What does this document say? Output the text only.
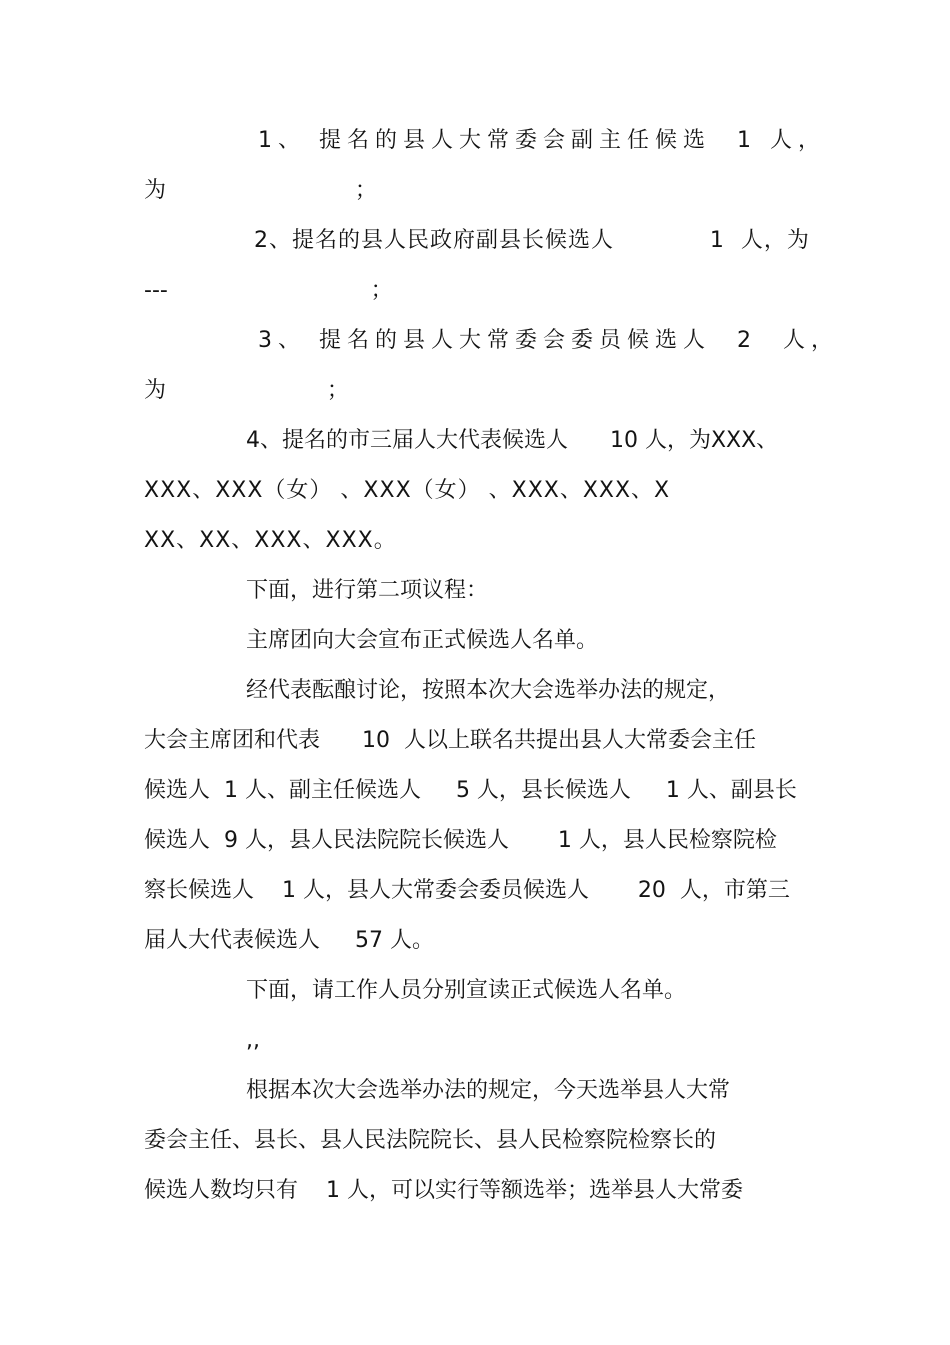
1、 提名的县人大常委会副主任候选  1 人，
为                           ；
2、提名的县人民政府副县长候选人            1  人，为
---                             ；
3、 提名的县人大常委会委员候选人  2  人，
为                       ；
4、提名的市三届人大代表候选人      10 人，为XXX、
XXX、XXX（女） 、XXX（女） 、XXX、XXX、X
XX、XX、XXX、XXX。
下面，进行第二项议程：
主席团向大会宣布正式候选人名单。
经代表酝酿讨论，按照本次大会选举办法的规定，
大会主席团和代表      10  人以上联名共提出县人大常委会主任
候选人  1 人、副主任候选人     5 人，县长候选人     1 人、副县长
候选人  9 人，县人民法院院长候选人       1 人，县人民检察院检
察长候选人    1 人，县人大常委会委员候选人       20  人，市第三
届人大代表候选人     57 人。
下面，请工作人员分别宣读正式候选人名单。
,,
根据本次大会选举办法的规定，今天选举县人大常
委会主任、县长、县人民法院院长、县人民检察院检察长的
候选人数均只有    1 人，可以实行等额选举；选举县人大常委
